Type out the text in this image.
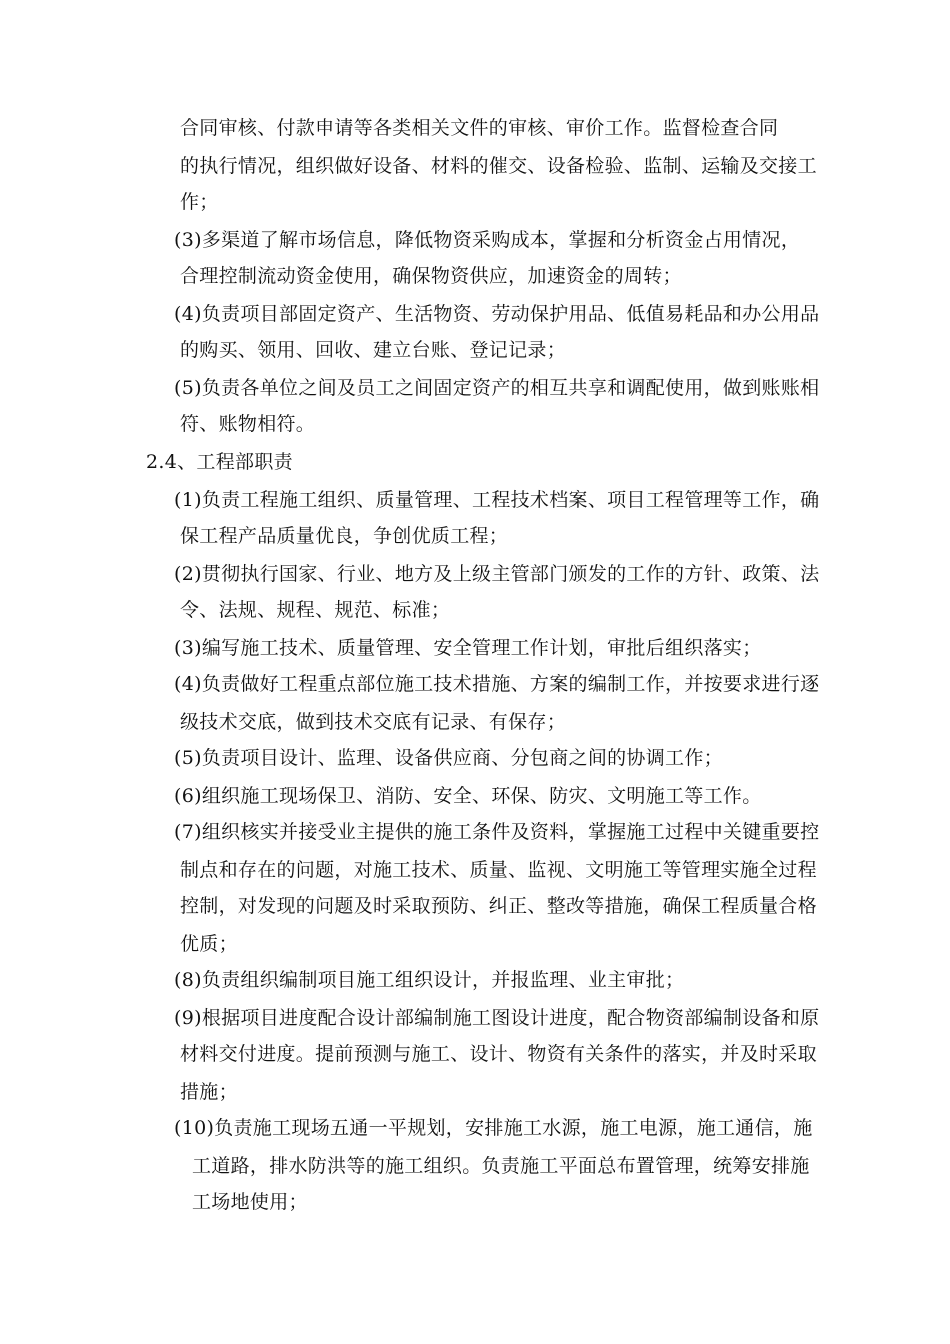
合同审核、付款申请等各类相关文件的审核、审价工作。监督检查合同
的执行情况，组织做好设备、材料的催交、设备检验、监制、运输及交接工
作；
(3)多渠道了解市场信息，降低物资采购成本，掌握和分析资金占用情况，
合理控制流动资金使用，确保物资供应，加速资金的周转；
(4)负责项目部固定资产、生活物资、劳动保护用品、低值易耗品和办公用品
的购买、领用、回收、建立台账、登记记录；
(5)负责各单位之间及员工之间固定资产的相互共享和调配使用，做到账账相
符、账物相符。
2.4、工程部职责
(1)负责工程施工组织、质量管理、工程技术档案、项目工程管理等工作，确
保工程产品质量优良，争创优质工程；
(2)贯彻执行国家、行业、地方及上级主管部门颁发的工作的方针、政策、法
令、法规、规程、规范、标准；
(3)编写施工技术、质量管理、安全管理工作计划，审批后组织落实；
(4)负责做好工程重点部位施工技术措施、方案的编制工作，并按要求进行逐
级技术交底，做到技术交底有记录、有保存；
(5)负责项目设计、监理、设备供应商、分包商之间的协调工作；
(6)组织施工现场保卫、消防、安全、环保、防灾、文明施工等工作。
(7)组织核实并接受业主提供的施工条件及资料，掌握施工过程中关键重要控
制点和存在的问题，对施工技术、质量、监视、文明施工等管理实施全过程
控制，对发现的问题及时采取预防、纠正、整改等措施，确保工程质量合格
优质；
(8)负责组织编制项目施工组织设计，并报监理、业主审批；
(9)根据项目进度配合设计部编制施工图设计进度，配合物资部编制设备和原
材料交付进度。提前预测与施工、设计、物资有关条件的落实，并及时采取
措施；
(10)负责施工现场五通一平规划，安排施工水源，施工电源，施工通信，施
工道路，排水防洪等的施工组织。负责施工平面总布置管理，统筹安排施
工场地使用；
